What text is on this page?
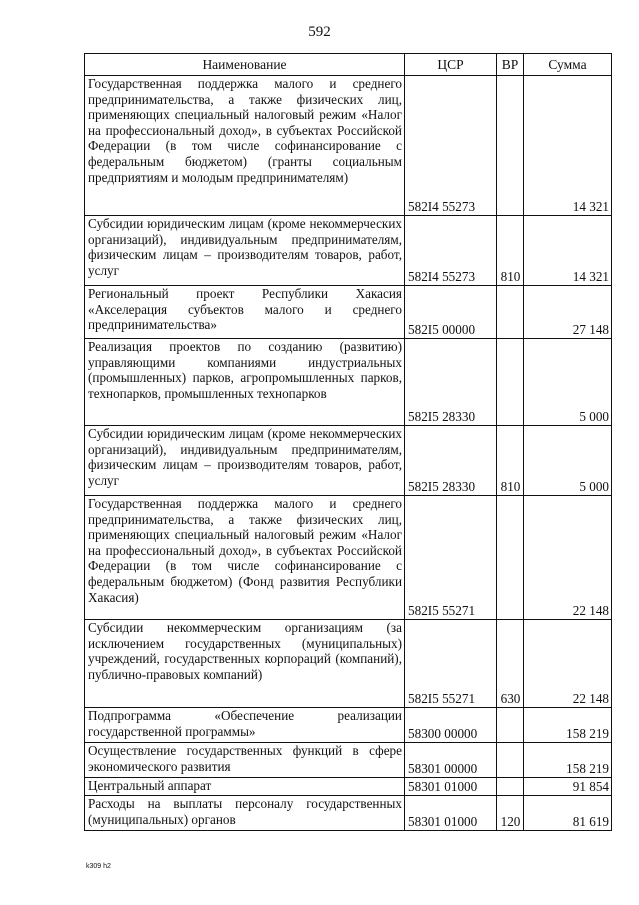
592
Наименование	ЦСР	ВР	Сумма
Государственная поддержка малого и среднего предпринимательства, а также физических лиц, применяющих специальный налоговый режим «Налог на профессиональный доход», в субъектах Российской Федерации (в том числе софинансирование с федеральным бюджетом) (гранты социальным предприятиям и молодым предпринимателям)	582I4 55273		14 321
Субсидии юридическим лицам (кроме некоммерческих организаций), индивидуальным предпринимателям, физическим лицам – производителям товаров, работ, услуг	582I4 55273	810	14 321
Региональный проект Республики Хакасия «Акселерация субъектов малого и среднего предпринимательства»	582I5 00000		27 148
Реализация проектов по созданию (развитию) управляющими компаниями индустриальных (промышленных) парков, агропромышленных парков, технопарков, промышленных технопарков	582I5 28330		5 000
Субсидии юридическим лицам (кроме некоммерческих организаций), индивидуальным предпринимателям, физическим лицам – производителям товаров, работ, услуг	582I5 28330	810	5 000
Государственная поддержка малого и среднего предпринимательства, а также физических лиц, применяющих специальный налоговый режим «Налог на профессиональный доход», в субъектах Российской Федерации (в том числе софинансирование с федеральным бюджетом) (Фонд развития Республики Хакасия)	582I5 55271		22 148
Субсидии некоммерческим организациям (за исключением государственных (муниципальных) учреждений, государственных корпораций (компаний), публично-правовых компаний)	582I5 55271	630	22 148
Подпрограмма «Обеспечение реализации государственной программы»	58300 00000		158 219
Осуществление государственных функций в сфере экономического развития	58301 00000		158 219
Центральный аппарат	58301 01000		91 854
Расходы на выплаты персоналу государственных (муниципальных) органов	58301 01000	120	81 619
k309 h2
